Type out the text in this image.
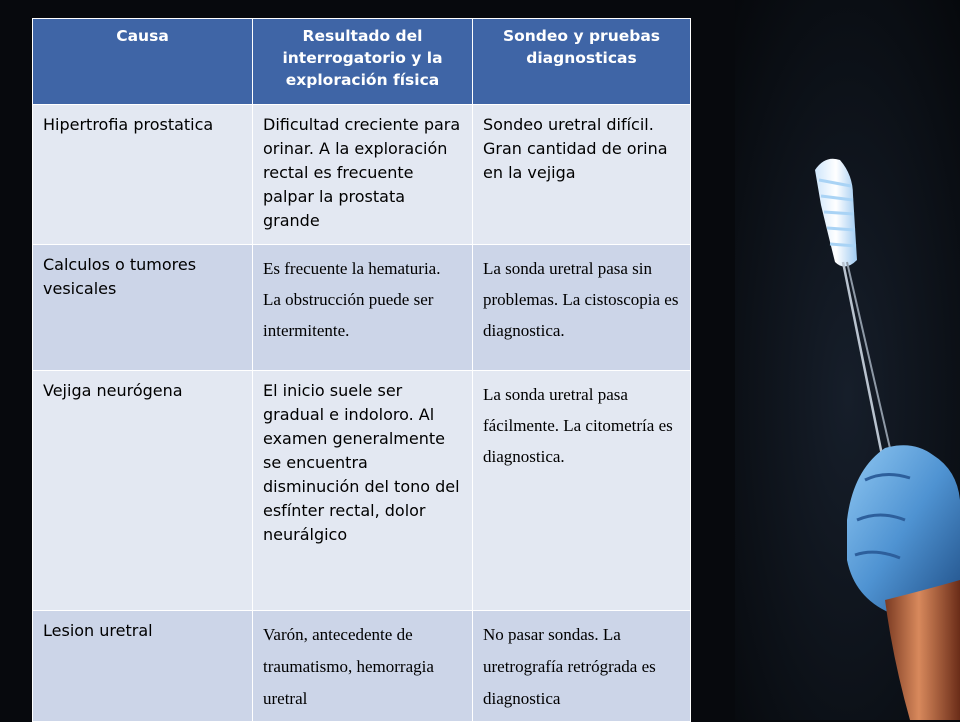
Causa	Resultado del interrogatorio y la exploración física	Sondeo y pruebas diagnosticas
Hipertrofia prostatica	Dificultad creciente para orinar. A la exploración rectal es frecuente palpar la prostata grande	Sondeo uretral difícil. Gran cantidad de orina en la vejiga
Calculos o tumores vesicales	Es frecuente la hematuria. La obstrucción puede ser intermitente.	La sonda uretral pasa sin problemas. La cistoscopia es diagnostica.
Vejiga neurógena	El inicio suele ser gradual e indoloro. Al examen generalmente se encuentra disminución del tono del esfínter rectal, dolor neurálgico	La sonda uretral pasa fácilmente. La citometría es diagnostica.
Lesion uretral	Varón, antecedente de traumatismo, hemorragia uretral	No pasar sondas. La uretrografía retrógrada es diagnostica
